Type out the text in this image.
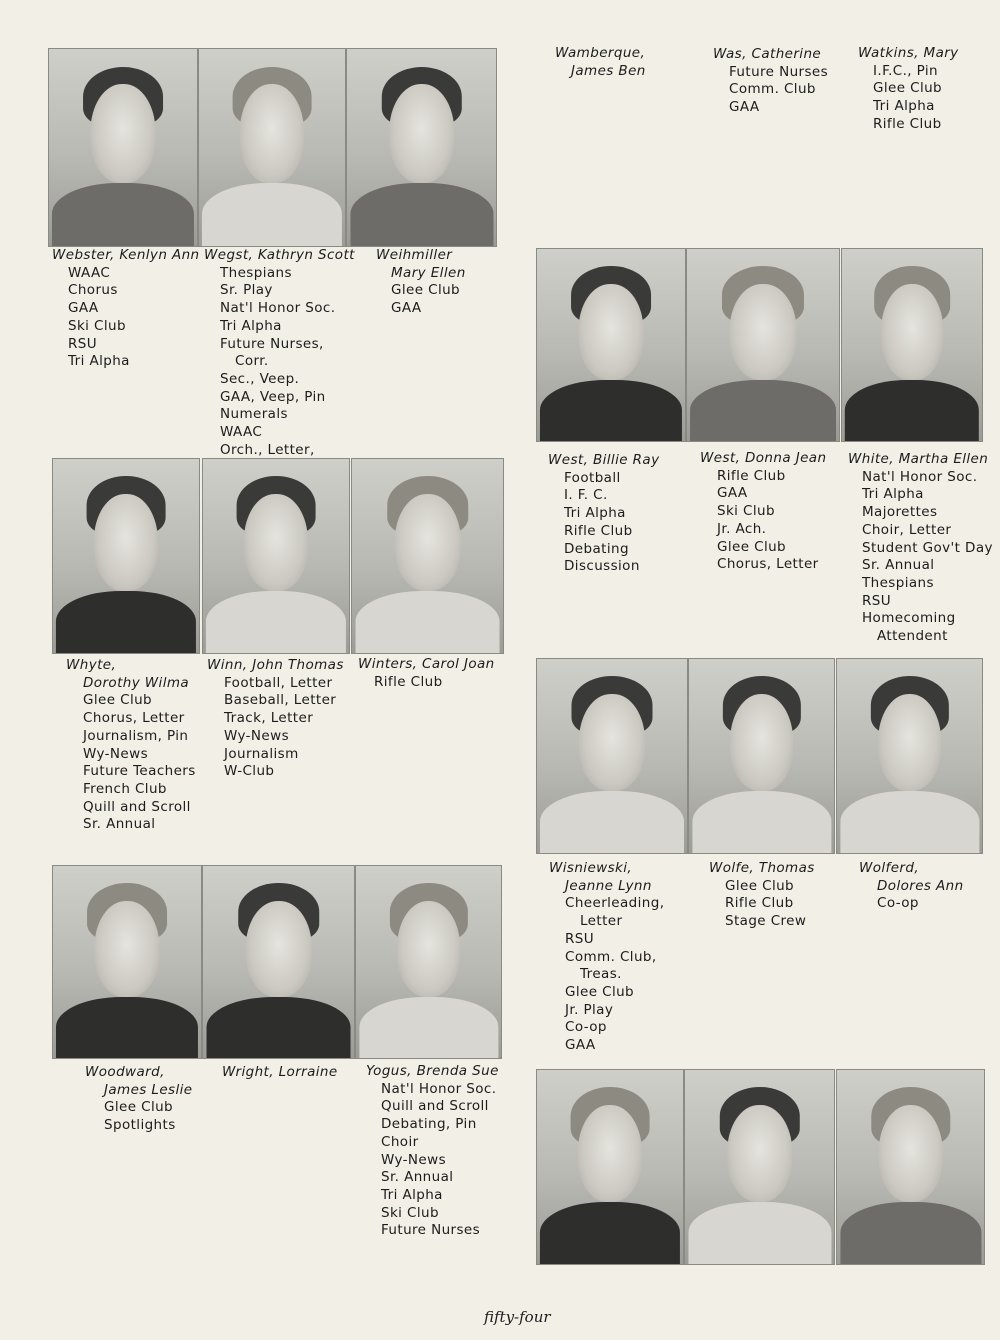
Webster, Kenlyn Ann
WAAC
Chorus
GAA
Ski Club
RSU
Tri Alpha
Wegst, Kathryn Scott
Thespians
Sr. Play
Nat'l Honor Soc.
Tri Alpha
Future Nurses,
Corr.
Sec., Veep.
GAA, Veep, Pin
Numerals
WAAC
Orch., Letter,
Weihmiller
Mary Ellen
Glee Club
GAA
Wamberque,
James Ben
Was, Catherine
Future Nurses
Comm. Club
GAA
Watkins, Mary
I.F.C., Pin
Glee Club
Tri Alpha
Rifle Club
West, Billie Ray
Football
I. F. C.
Tri Alpha
Rifle Club
Debating
Discussion
West, Donna Jean
Rifle Club
GAA
Ski Club
Jr. Ach.
Glee Club
Chorus, Letter
White, Martha Ellen
Nat'l Honor Soc.
Tri Alpha
Majorettes
Choir, Letter
Student Gov't Day
Sr. Annual
Thespians
RSU
Homecoming
Attendent
Whyte,
Dorothy Wilma
Glee Club
Chorus, Letter
Journalism, Pin
Wy-News
Future Teachers
French Club
Quill and Scroll
Sr. Annual
Winn, John Thomas
Football, Letter
Baseball, Letter
Track, Letter
Wy-News
Journalism
W-Club
Winters, Carol Joan
Rifle Club
Wisniewski,
Jeanne Lynn
Cheerleading,
Letter
RSU
Comm. Club,
Treas.
Glee Club
Jr. Play
Co-op
GAA
Wolfe, Thomas
Glee Club
Rifle Club
Stage Crew
Wolferd,
Dolores Ann
Co-op
Woodward,
James Leslie
Glee Club
Spotlights
Wright, Lorraine Yogus, Brenda Sue
Nat'l Honor Soc.
Quill and Scroll
Debating, Pin
Choir
Wy-News
Sr. Annual
Tri Alpha
Ski Club
Future Nurses
fifty-four
